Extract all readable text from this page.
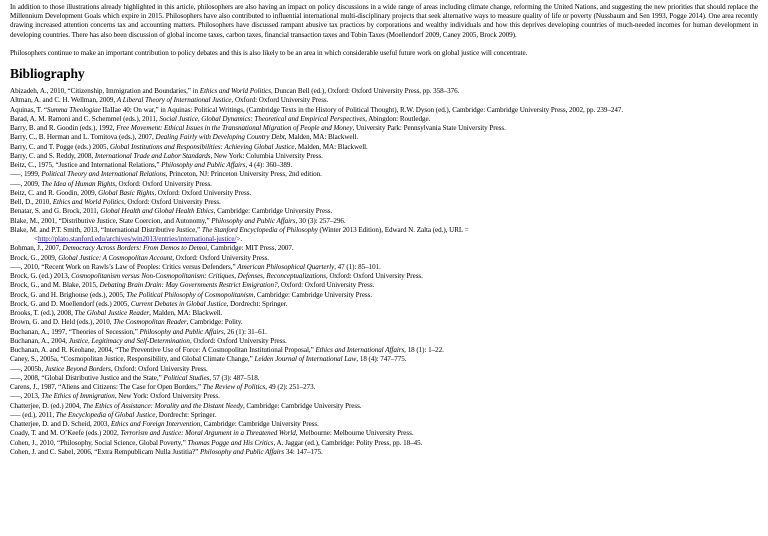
In addition to those illustrations already highlighted in this article, philosophers are also having an impact on policy discussions in a wide range of areas including climate change, reforming the United Nations, and suggesting the new priorities that should replace the Millennium Development Goals which expire in 2015. Philosophers have also contributed to influential international multi-disciplinary projects that seek alternative ways to measure quality of life or poverty (Nussbaum and Sen 1993, Pogge 2014). One area recently drawing increased attention concerns tax and accounting matters. Philosophers have discussed rampant abusive tax practices by corporations and wealthy individuals and how this deprives developing countries of much-needed incomes for human development in developing countries. There has also been discussion of global income taxes, carbon taxes, financial transaction taxes and Tobin Taxes (Moellendorf 2009, Caney 2005, Brock 2009).

Philosophers continue to make an important contribution to policy debates and this is also likely to be an area in which considerable useful future work on global justice will concentrate.

Bibliography
Abizadeh, A., 2010, “Citizenship, Immigration and Boundaries,” in Ethics and World Politics, Duncan Bell (ed.), Oxford: Oxford University Press, pp. 358–376.
Altman, A. and C. H. Wellman, 2009, A Liberal Theory of International Justice, Oxford: Oxford University Press.
Aquinas, T. “Summa Theologiae IIaIIae 40: On war,” in Aquinas: Political Writings, (Cambridge Texts in the History of Political Thought), R.W. Dyson (ed.), Cambridge: Cambridge University Press, 2002, pp. 239–247.
Barad, A. M. Ramoni and C. Schemmel (eds.), 2011, Social Justice, Global Dynamics: Theoretical and Empirical Perspectives, Abingdon: Routledge.
Barry, B. and R. Goodin (eds.), 1992, Free Movement: Ethical Issues in the Transnational Migration of People and Money, University Park: Pennsylvania State University Press.
Barry, C., B. Herman and L. Tomitova (eds.), 2007, Dealing Fairly with Developing Country Debt, Malden, MA: Blackwell.
Barry, C. and T. Pogge (eds.) 2005, Global Institutions and Responsibilities: Achieving Global Justice, Malden, MA: Blackwell.
Barry, C. and S. Reddy, 2008, International Trade and Labor Standards, New York: Columbia University Press.
Beitz, C., 1975, “Justice and International Relations,” Philosophy and Public Affairs, 4 (4): 360–389.
–––, 1999, Political Theory and International Relations, Princeton, NJ: Princeton University Press, 2nd edition.
–––, 2009, The Idea of Human Rights, Oxford: Oxford University Press.
Beitz, C. and R. Goodin, 2009, Global Basic Rights, Oxford: Oxford University Press.
Bell, D., 2010, Ethics and World Politics, Oxford: Oxford University Press.
Benatar, S. and G. Brock, 2011, Global Health and Global Health Ethics, Cambridge: Cambridge University Press.
Blake, M., 2001, “Distributive Justice, State Coercion, and Autonomy,” Philosophy and Public Affairs, 30 (3): 257–296.
Blake, M. and P.T. Smith, 2013, “International Distributive Justice,” The Stanford Encyclopedia of Philosophy (Winter 2013 Edition), Edward N. Zalta (ed.), URL =
<http://plato.stanford.edu/archives/win2013/entries/international-justice/>.
Bohman, J., 2007, Democracy Across Borders: From Demos to Demoi, Cambridge: MIT Press, 2007.
Brock, G., 2009, Global Justice: A Cosmopolitan Account, Oxford: Oxford University Press.
–––, 2010, “Recent Work on Rawls’s Law of Peoples: Critics versus Defenders,” American Philosophical Quarterly, 47 (1): 85–101.
Brock, G. (ed.) 2013, Cosmopolitanism versus Non-Cosmopolitanism: Critiques, Defenses, Reconceptualizations, Oxford: Oxford University Press.
Brock, G., and M. Blake, 2015, Debating Brain Drain: May Governments Restrict Emigration?, Oxford: Oxford University Press.
Brock, G. and H. Brighouse (eds.), 2005, The Political Philosophy of Cosmopolitanism, Cambridge: Cambridge University Press.
Brock, G. and D. Moellendorf (eds.) 2005, Current Debates in Global Justice, Dordrecht: Springer.
Brooks, T. (ed.), 2008, The Global Justice Reader, Malden, MA: Blackwell.
Brown, G. and D. Held (eds.), 2010, The Cosmopolitan Reader, Cambridge: Polity.
Buchanan, A., 1997, “Theories of Secession,” Philosophy and Public Affairs, 26 (1): 31–61.
Buchanan, A., 2004, Justice, Legitimacy and Self-Determination, Oxford: Oxford University Press.
Buchanan, A. and R. Keohane, 2004, “The Preventive Use of Force: A Cosmopolitan Institutional Proposal,” Ethics and International Affairs, 18 (1): 1–22.
Caney, S., 2005a, “Cosmopolitan Justice, Responsibility, and Global Climate Change,” Leiden Journal of International Law, 18 (4): 747–775.
–––, 2005b, Justice Beyond Borders, Oxford: Oxford University Press.
–––, 2008, “Global Distributive Justice and the State,” Political Studies, 57 (3): 487–518.
Carens, J., 1987, “Aliens and Citizens: The Case for Open Borders,” The Review of Politics, 49 (2): 251–273.
–––, 2013, The Ethics of Immigration, New York: Oxford University Press.
Chatterjee, D. (ed.) 2004, The Ethics of Assistance: Morality and the Distant Needy, Cambridge: Cambridge University Press.
––– (ed.), 2011, The Encyclopedia of Global Justice, Dordrecht: Springer.
Chatterjee, D. and D. Scheid, 2003, Ethics and Foreign Intervention, Cambridge: Cambridge University Press.
Coady, T. and M. O’Keefe (eds.) 2002, Terrorism and Justice: Moral Argument in a Threatened World, Melbourne: Melbourne University Press.
Cohen, J., 2010, “Philosophy, Social Science, Global Poverty,” Thomas Pogge and His Critics, A. Jaggar (ed.), Cambridge: Polity Press, pp. 18–45.
Cohen, J. and C. Sabel, 2006, “Extra Rempublicam Nulla Justitia?” Philosophy and Public Affairs 34: 147–175.
